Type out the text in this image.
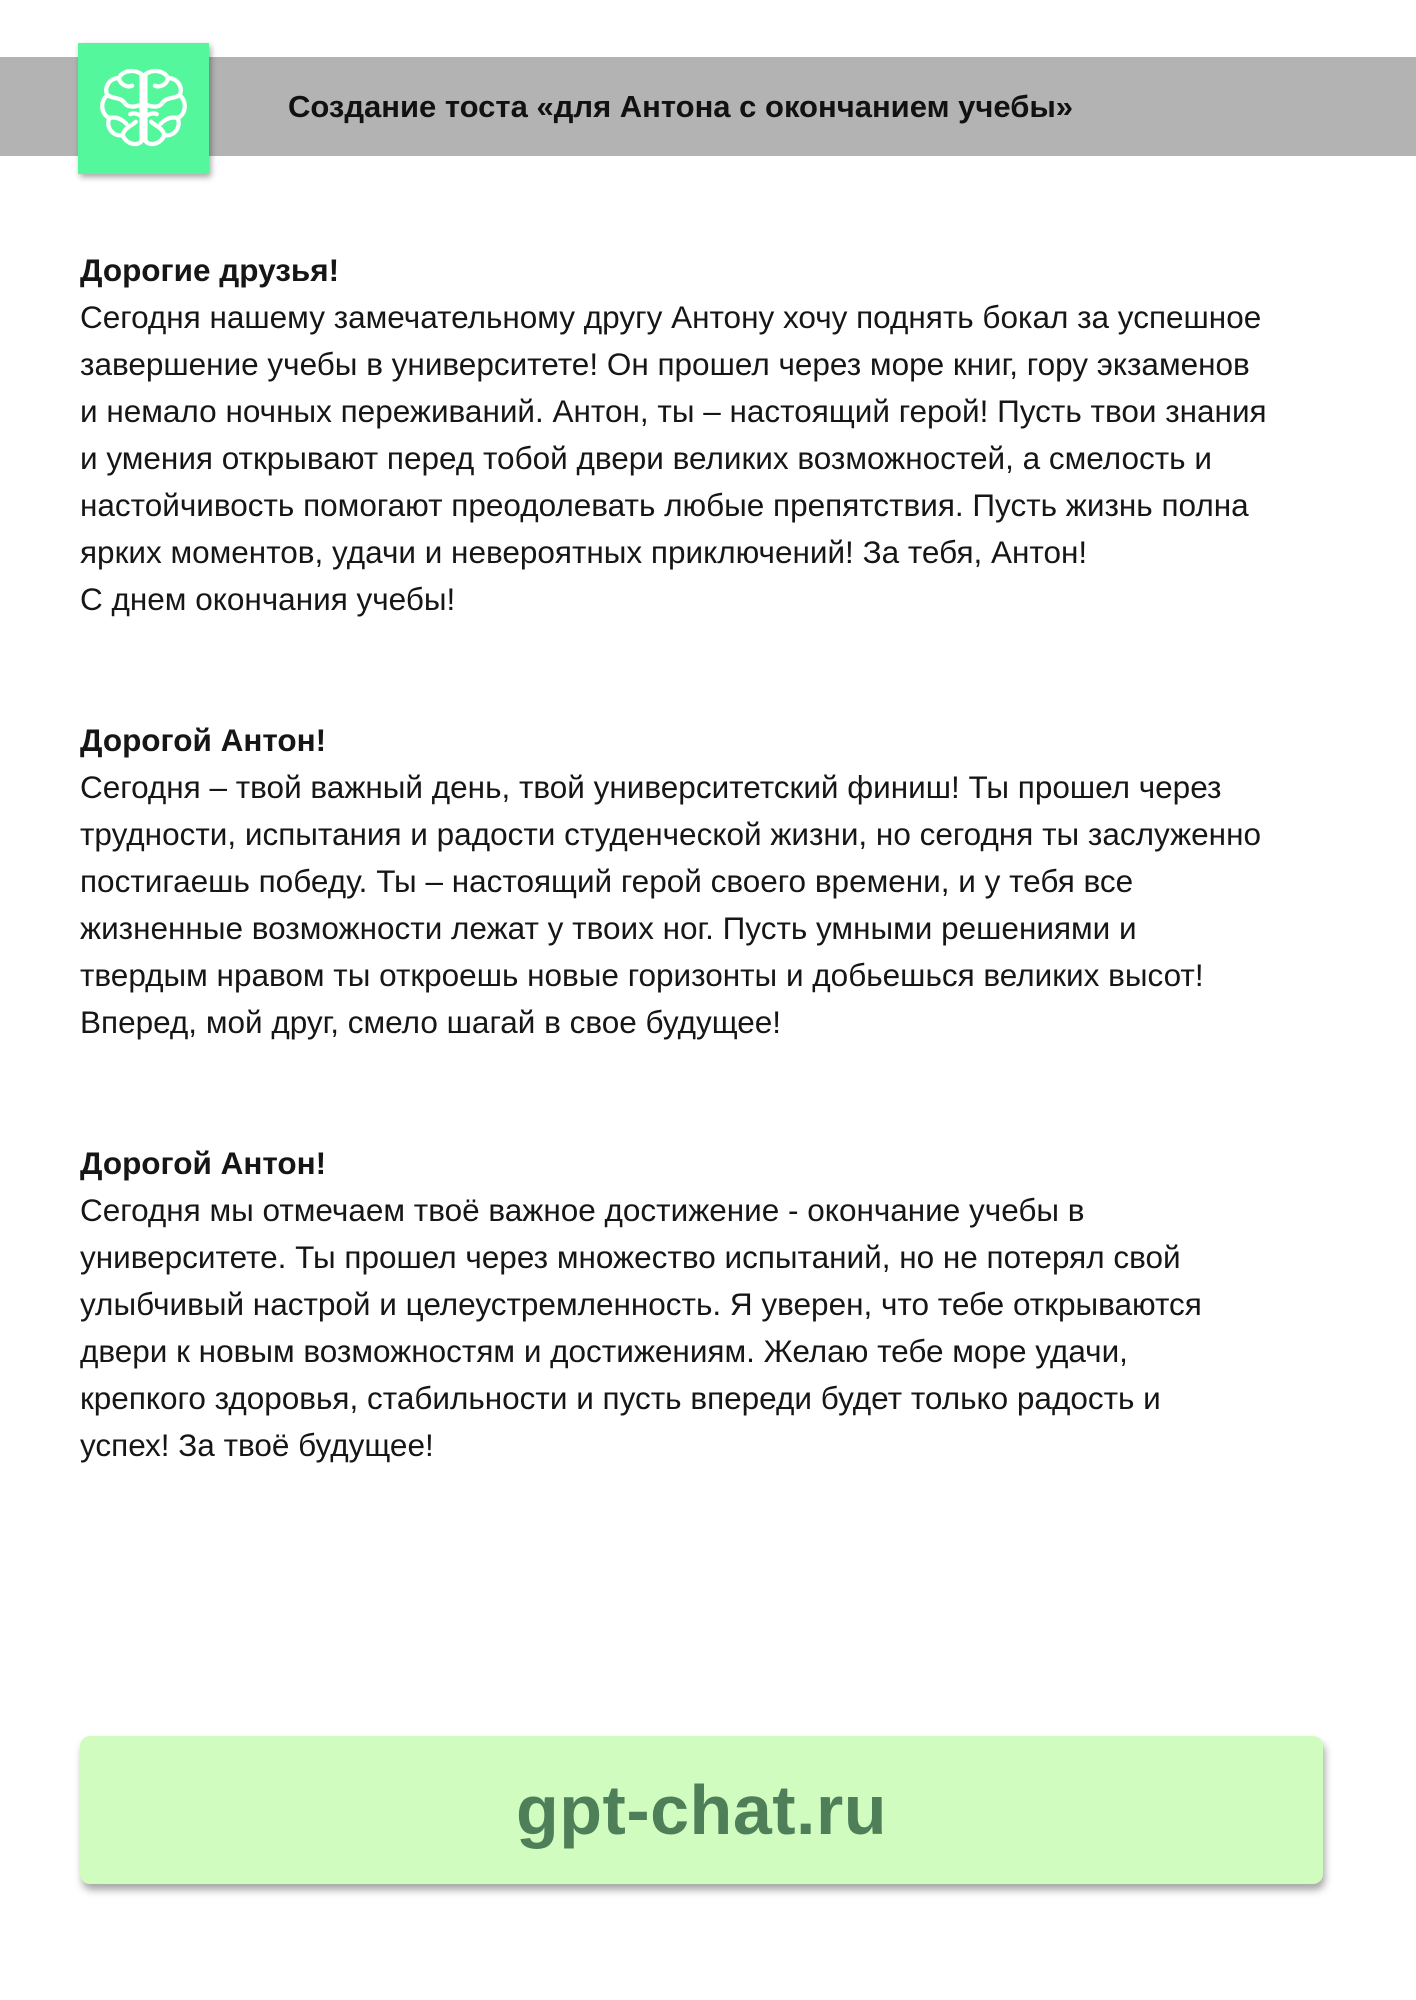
Создание тоста «для Антона с окончанием учебы»
Дорогие друзья!

Сегодня нашему замечательному другу Антону хочу поднять бокал за успешное

завершение учебы в университете! Он прошел через море книг, гору экзаменов

и немало ночных переживаний. Антон, ты – настоящий герой! Пусть твои знания

и умения открывают перед тобой двери великих возможностей, а смелость и

настойчивость помогают преодолевать любые препятствия. Пусть жизнь полна

ярких моментов, удачи и невероятных приключений! За тебя, Антон!

С днем окончания учебы!

Дорогой Антон!

Сегодня – твой важный день, твой университетский финиш! Ты прошел через

трудности, испытания и радости студенческой жизни, но сегодня ты заслуженно

постигаешь победу. Ты – настоящий герой своего времени, и у тебя все

жизненные возможности лежат у твоих ног. Пусть умными решениями и

твердым нравом ты откроешь новые горизонты и добьешься великих высот!

Вперед, мой друг, смело шагай в свое будущее!

Дорогой Антон!

Сегодня мы отмечаем твоё важное достижение - окончание учебы в

университете. Ты прошел через множество испытаний, но не потерял свой

улыбчивый настрой и целеустремленность. Я уверен, что тебе открываются

двери к новым возможностям и достижениям. Желаю тебе море удачи,

крепкого здоровья, стабильности и пусть впереди будет только радость и

успех! За твоё будущее!

gpt-chat.ru
